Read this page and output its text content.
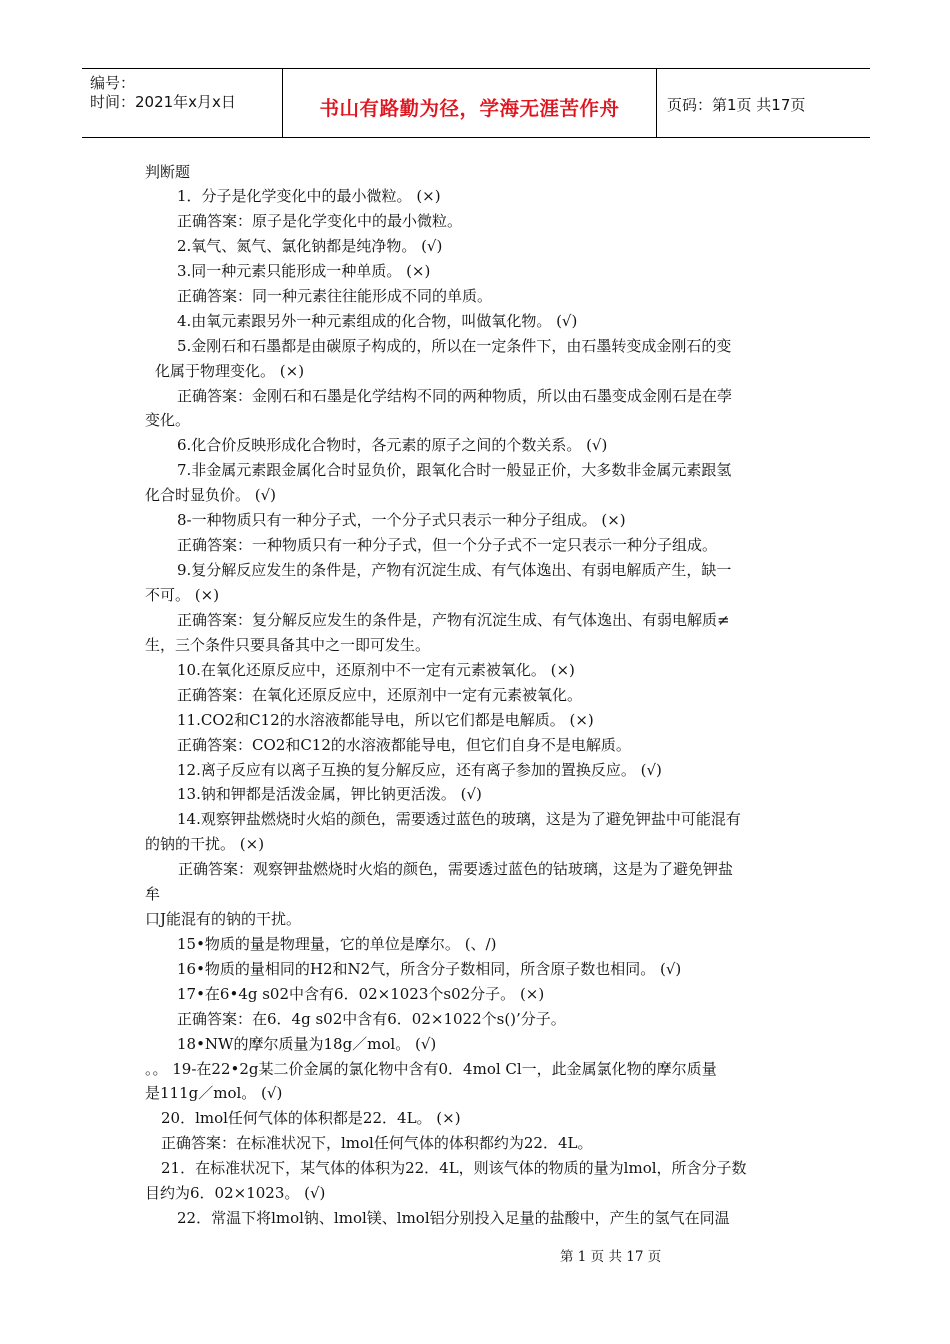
编号：
时间：2021年x月x日	书山有路勤为径，学海无涯苦作舟	页码：第1页 共17页
判断题
1．分子是化学变化中的最小微粒。 (×)
正确答案：原子是化学变化中的最小微粒。
2.氧气、氮气、氯化钠都是纯净物。 (√)
3.同一种元素只能形成一种单质。 (×)
正确答案：同一种元素往往能形成不同的单质。
4.由氧元素跟另外一种元素组成的化合物，叫做氧化物。 (√)
5.金刚石和石墨都是由碳原子构成的，所以在一定条件下，由石墨转变成金刚石的变
化属于物理变化。 (×)
正确答案：金刚石和石墨是化学结构不同的两种物质，所以由石墨变成金刚石是在荸
变化。
6.化合价反映形成化合物时，各元素的原子之间的个数关系。 (√)
7.非金属元素跟金属化合时显负价，跟氧化合时一般显正价，大多数非金属元素跟氢
化合时显负价。 (√)
8-一种物质只有一种分子式，一个分子式只表示一种分子组成。 (×)
正确答案：一种物质只有一种分子式，但一个分子式不一定只表示一种分子组成。
9.复分解反应发生的条件是，产物有沉淀生成、有气体逸出、有弱电解质产生，缺一
不可。 (×)
正确答案：复分解反应发生的条件是，产物有沉淀生成、有气体逸出、有弱电解质≠
生，三个条件只要具备其中之一即可发生。
10.在氧化还原反应中，还原剂中不一定有元素被氧化。 (×)
正确答案：在氧化还原反应中，还原剂中一定有元素被氧化。
11.CO2和C12的水溶液都能导电，所以它们都是电解质。 (×)
正确答案：CO2和C12的水溶液都能导电，但它们自身不是电解质。
12.离子反应有以离子互换的复分解反应，还有离子参加的置换反应。 (√)
13.钠和钾都是活泼金属，钾比钠更活泼。 (√)
14.观察钾盐燃烧时火焰的颜色，需要透过蓝色的玻璃，这是为了避免钾盐中可能混有
的钠的干扰。 (×)
正确答案：观察钾盐燃烧时火焰的颜色，需要透过蓝色的钴玻璃，这是为了避免钾盐
牟
口J能混有的钠的干扰。
15•物质的量是物理量，它的单位是摩尔。 (、/)
16•物质的量相同的H2和N2气，所含分子数相同，所含原子数也相同。 (√)
17•在6•4g s02中含有6．02×1023个s02分子。 (×)
正确答案：在6．4g s02中含有6．02×1022个s()’分子。
18•NW的摩尔质量为18g／mol。 (√)
。。 19-在22•2g某二价金属的氯化物中含有0．4mol Cl一，此金属氯化物的摩尔质量
是111g／mol。 (√)
20．lmol任何气体的体积都是22．4L。 (×)
正确答案：在标准状况下，lmol任何气体的体积都约为22．4L。
21．在标准状况下，某气体的体积为22．4L，则该气体的物质的量为lmol，所含分子数
目约为6．02×1023。 (√)
22．常温下将lmol钠、lmol镁、lmol铝分别投入足量的盐酸中，产生的氢气在同温
第 1 页 共 17 页
